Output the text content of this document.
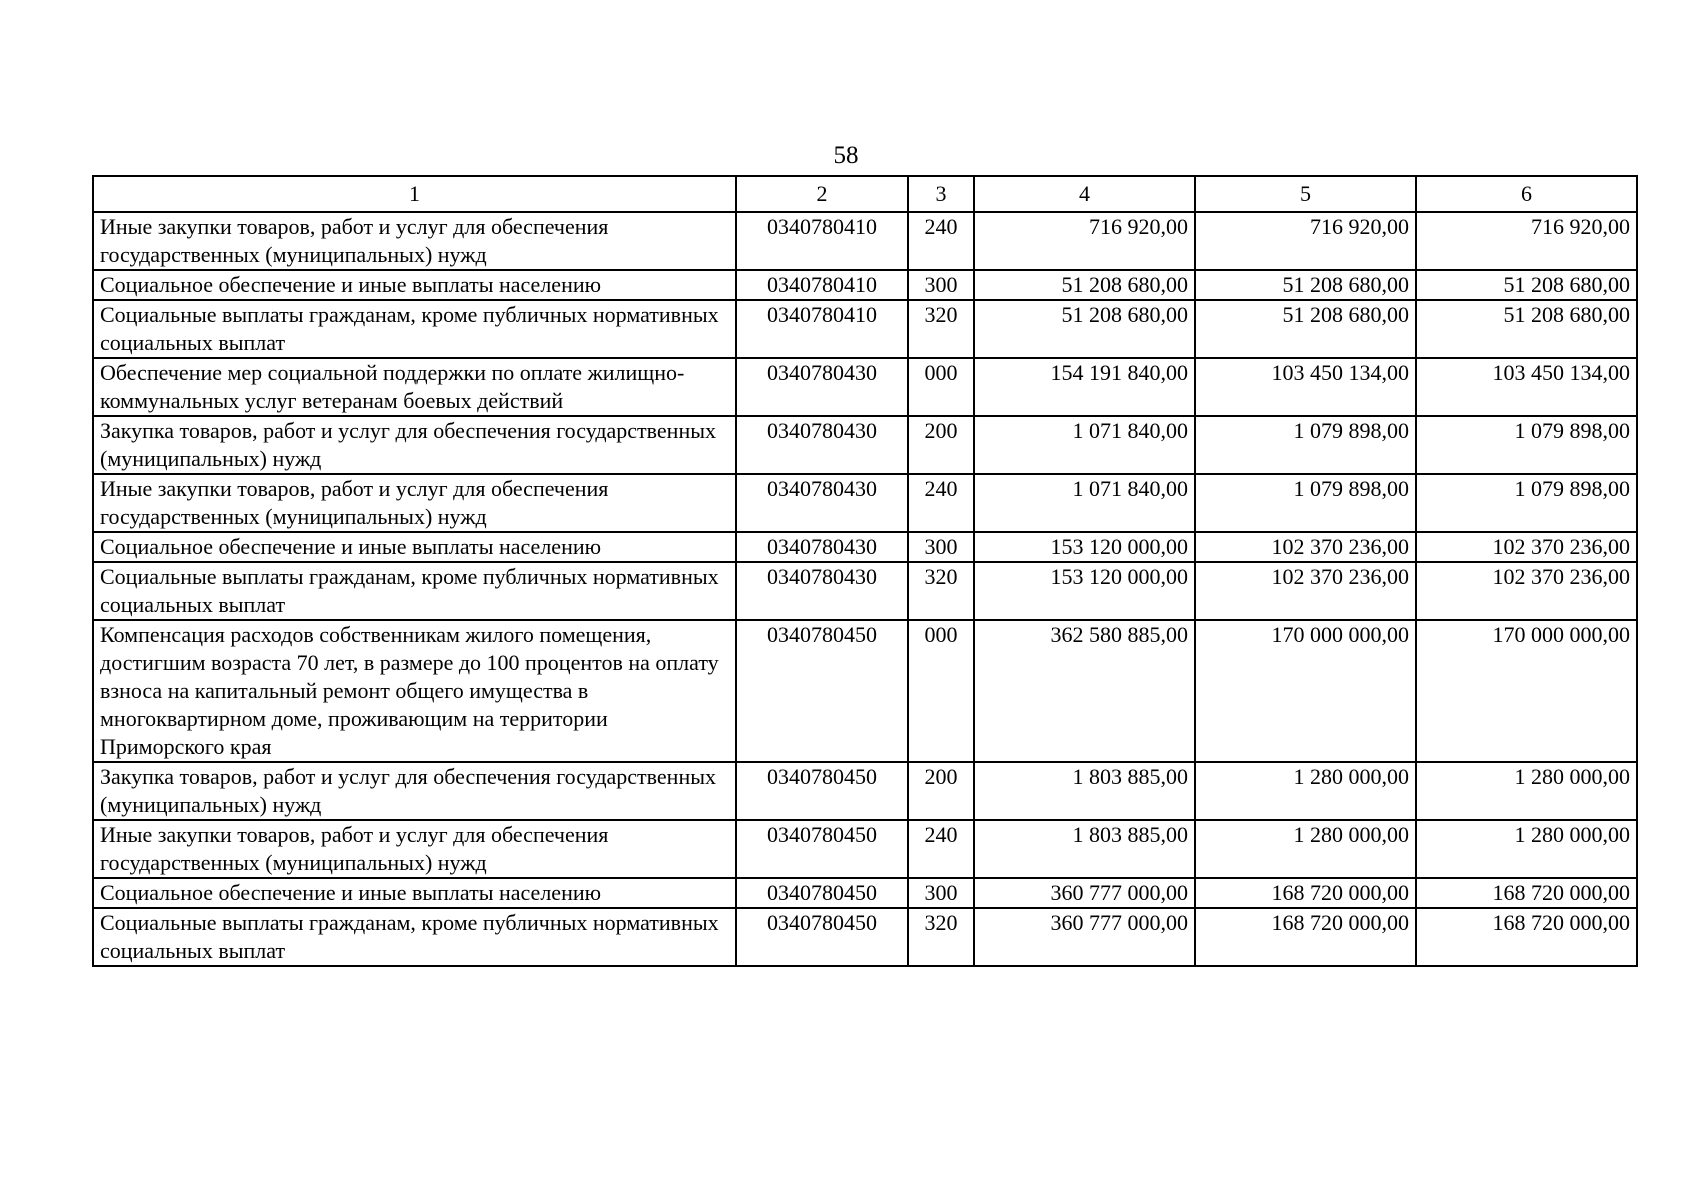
58
1	2	3	4	5	6
Иные закупки товаров, работ и услуг для обеспечения государственных (муниципальных) нужд	0340780410	240	716 920,00	716 920,00	716 920,00
Социальное обеспечение и иные выплаты населению	0340780410	300	51 208 680,00	51 208 680,00	51 208 680,00
Социальные выплаты гражданам, кроме публичных нормативных социальных выплат	0340780410	320	51 208 680,00	51 208 680,00	51 208 680,00
Обеспечение мер социальной поддержки по оплате жилищно-коммунальных услуг ветеранам боевых действий	0340780430	000	154 191 840,00	103 450 134,00	103 450 134,00
Закупка товаров, работ и услуг для обеспечения государственных (муниципальных) нужд	0340780430	200	1 071 840,00	1 079 898,00	1 079 898,00
Иные закупки товаров, работ и услуг для обеспечения государственных (муниципальных) нужд	0340780430	240	1 071 840,00	1 079 898,00	1 079 898,00
Социальное обеспечение и иные выплаты населению	0340780430	300	153 120 000,00	102 370 236,00	102 370 236,00
Социальные выплаты гражданам, кроме публичных нормативных социальных выплат	0340780430	320	153 120 000,00	102 370 236,00	102 370 236,00
Компенсация расходов собственникам жилого помещения, достигшим возраста 70 лет, в размере до 100 процентов на оплату взноса на капитальный ремонт общего имущества в многоквартирном доме, проживающим на территории Приморского края	0340780450	000	362 580 885,00	170 000 000,00	170 000 000,00
Закупка товаров, работ и услуг для обеспечения государственных (муниципальных) нужд	0340780450	200	1 803 885,00	1 280 000,00	1 280 000,00
Иные закупки товаров, работ и услуг для обеспечения государственных (муниципальных) нужд	0340780450	240	1 803 885,00	1 280 000,00	1 280 000,00
Социальное обеспечение и иные выплаты населению	0340780450	300	360 777 000,00	168 720 000,00	168 720 000,00
Социальные выплаты гражданам, кроме публичных нормативных социальных выплат	0340780450	320	360 777 000,00	168 720 000,00	168 720 000,00
